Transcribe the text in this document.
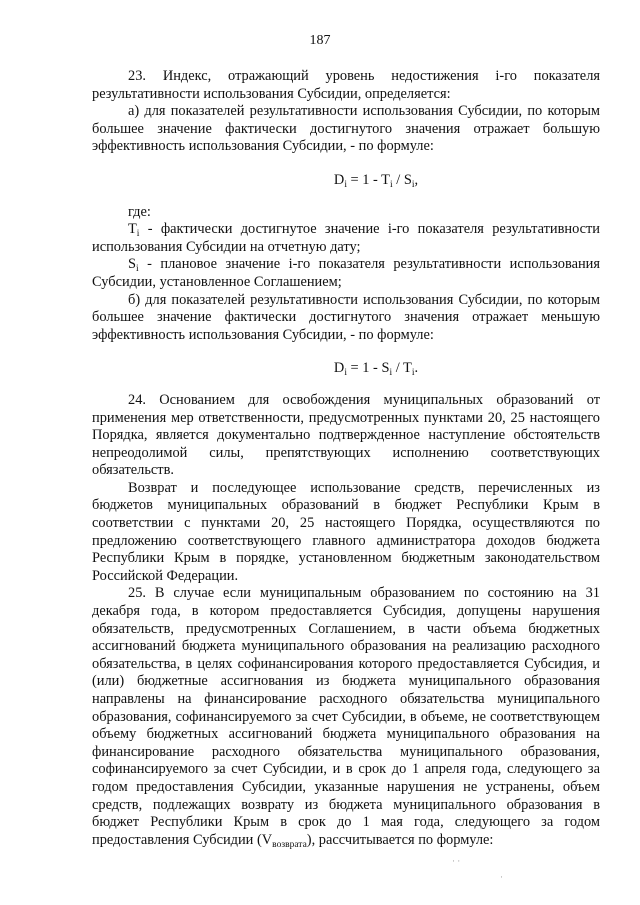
187

23. Индекс, отражающий уровень недостижения i-го показателя результативности использования Субсидии, определяется:

а) для показателей результативности использования Субсидии, по которым большее значение фактически достигнутого значения отражает большую эффективность использования Субсидии, - по формуле:

$D_i = 1 - T_i / S_i$,

где:

$T_i$ - фактически достигнутое значение i-го показателя результативности использования Субсидии на отчетную дату;

$S_i$ - плановое значение i-го показателя результативности использования Субсидии, установленное Соглашением;

б) для показателей результативности использования Субсидии, по которым большее значение фактически достигнутого значения отражает меньшую эффективность использования Субсидии, - по формуле:

$D_i = 1 - S_i / T_i$.

24. Основанием для освобождения муниципальных образований от применения мер ответственности, предусмотренных пунктами 20, 25 настоящего Порядка, является документально подтвержденное наступление обстоятельств непреодолимой силы, препятствующих исполнению соответствующих обязательств.

Возврат и последующее использование средств, перечисленных из бюджетов муниципальных образований в бюджет Республики Крым в соответствии с пунктами 20, 25 настоящего Порядка, осуществляются по предложению соответствующего главного администратора доходов бюджета Республики Крым в порядке, установленном бюджетным законодательством Российской Федерации.

25. В случае если муниципальным образованием по состоянию на 31 декабря года, в котором предоставляется Субсидия, допущены нарушения обязательств, предусмотренных Соглашением, в части объема бюджетных ассигнований бюджета муниципального образования на реализацию расходного обязательства, в целях софинансирования которого предоставляется Субсидия, и (или) бюджетные ассигнования из бюджета муниципального образования направлены на финансирование расходного обязательства муниципального образования, софинансируемого за счет Субсидии, в объеме, не соответствующем объему бюджетных ассигнований бюджета муниципального образования на финансирование расходного обязательства муниципального образования, софинансируемого за счет Субсидии, и в срок до 1 апреля года, следующего за годом предоставления Субсидии, указанные нарушения не устранены, объем средств, подлежащих возврату из бюджета муниципального образования в бюджет Республики Крым в срок до 1 мая года, следующего за годом предоставления Субсидии $(V_{возврата})$, рассчитывается по формуле:

· ·
·
